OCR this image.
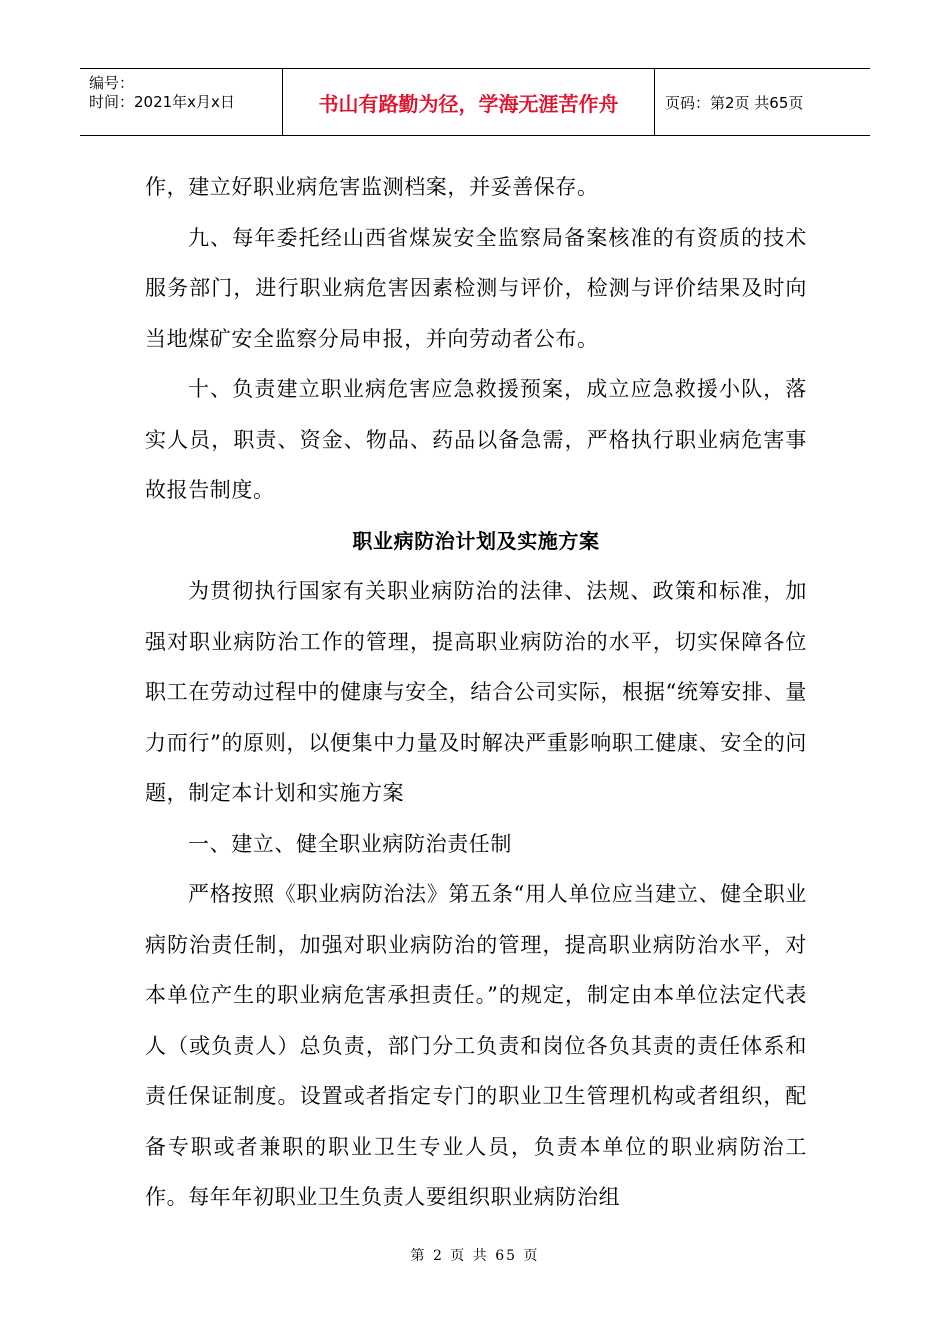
编号：
时间：2021年x月x日	书山有路勤为径，学海无涯苦作舟	页码：第2页 共65页

作，建立好职业病危害监测档案，并妥善保存。

九、每年委托经山西省煤炭安全监察局备案核准的有资质的技术服务部门，进行职业病危害因素检测与评价，检测与评价结果及时向当地煤矿安全监察分局申报，并向劳动者公布。

十、负责建立职业病危害应急救援预案，成立应急救援小队，落实人员，职责、资金、物品、药品以备急需，严格执行职业病危害事故报告制度。

职业病防治计划及实施方案

为贯彻执行国家有关职业病防治的法律、法规、政策和标准，加强对职业病防治工作的管理，提高职业病防治的水平，切实保障各位职工在劳动过程中的健康与安全，结合公司实际，根据“统筹安排、量力而行”的原则，以便集中力量及时解决严重影响职工健康、安全的问题，制定本计划和实施方案

一、建立、健全职业病防治责任制

严格按照《职业病防治法》第五条“用人单位应当建立、健全职业病防治责任制，加强对职业病防治的管理，提高职业病防治水平，对本单位产生的职业病危害承担责任。”的规定，制定由本单位法定代表人（或负责人）总负责，部门分工负责和岗位各负其责的责任体系和责任保证制度。设置或者指定专门的职业卫生管理机构或者组织，配备专职或者兼职的职业卫生专业人员，负责本单位的职业病防治工作。每年年初职业卫生负责人要组织职业病防治组

第 2 页 共 65 页
